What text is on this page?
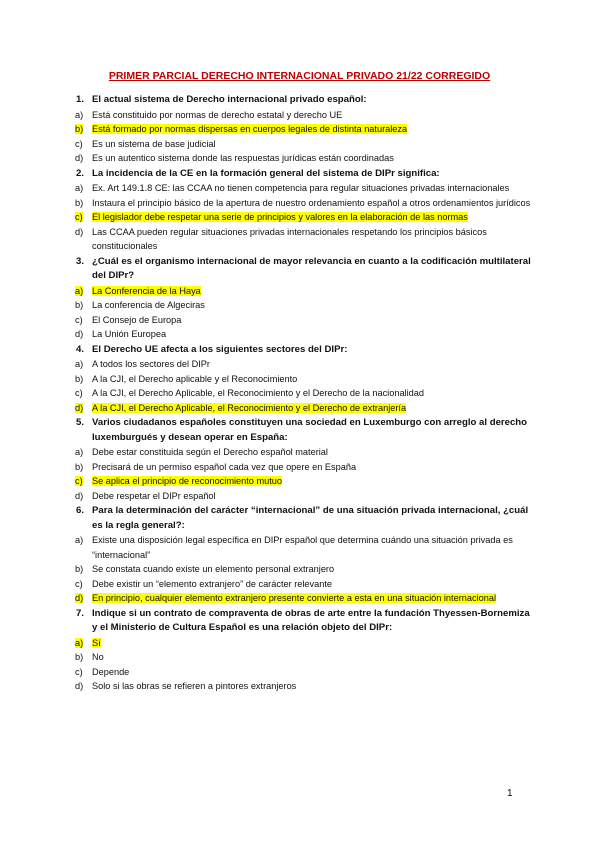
PRIMER PARCIAL DERECHO INTERNACIONAL PRIVADO 21/22 CORREGIDO
1. El actual sistema de Derecho internacional privado español:

a) Está constituido por normas de derecho estatal y derecho UE
b) Está formado por normas dispersas en cuerpos legales de distinta naturaleza
c)	Es un sistema de base judicial
d) Es un autentico sistema donde las respuestas jurídicas están coordinadas
2. La incidencia de la CE en la formación general del sistema de DIPr significa:

a) Ex. Art 149.1.8 CE: las CCAA no tienen competencia para regular situaciones privadas internacionales
b) Instaura el principio básico de la apertura de nuestro ordenamiento español a otros ordenamientos jurídicos
c)	El legislador debe respetar una serie de principios y valores en la elaboración de las normas
d) Las CCAA pueden regular situaciones privadas internacionales respetando los principios básicos constitucionales
3. ¿Cuál es el organismo internacional de mayor relevancia en cuanto a la codificación multilateral del DIPr?

a) La Conferencia de la Haya
b) La conferencia de Algeciras
c)	El Consejo de Europa
d) La Unión Europea
4. El Derecho UE afecta a los siguientes sectores del DIPr:

a) A todos los sectores del DIPr
b) A la CJI, el Derecho aplicable y el Reconocimiento
c)	A la CJI, el Derecho Aplicable, el Reconocimiento y el Derecho de la nacionalidad
d) A la CJI, el Derecho Aplicable, el Reconocimiento y el Derecho de extranjería
5. Varios ciudadanos españoles constituyen una sociedad en Luxemburgo con arreglo al derecho luxemburgués y desean operar en España:

a) Debe estar constituida según el Derecho español material
b) Precisará de un permiso español cada vez que opere en España
c)	Se aplica el principio de reconocimiento mutuo
d) Debe respetar el DIPr español
6. Para la determinación del carácter “internacional” de una situación privada internacional, ¿cuál es la regla general?:

a) Existe una disposición legal específica en DIPr español que determina cuándo una situación privada es “internacional”
b) Se constata cuando existe un elemento personal extranjero
c)	Debe existir un “elemento extranjero” de carácter relevante
d) En principio, cualquier elemento extranjero presente convierte a esta en una situación internacional
7. Indique si un contrato de compraventa de obras de arte entre la fundación Thyessen-Bornemiza y el Ministerio de Cultura Español es una relación objeto del DIPr:

a) Sí
b) No
c)	Depende
d) Solo si las obras se refieren a pintores extranjeros
1
